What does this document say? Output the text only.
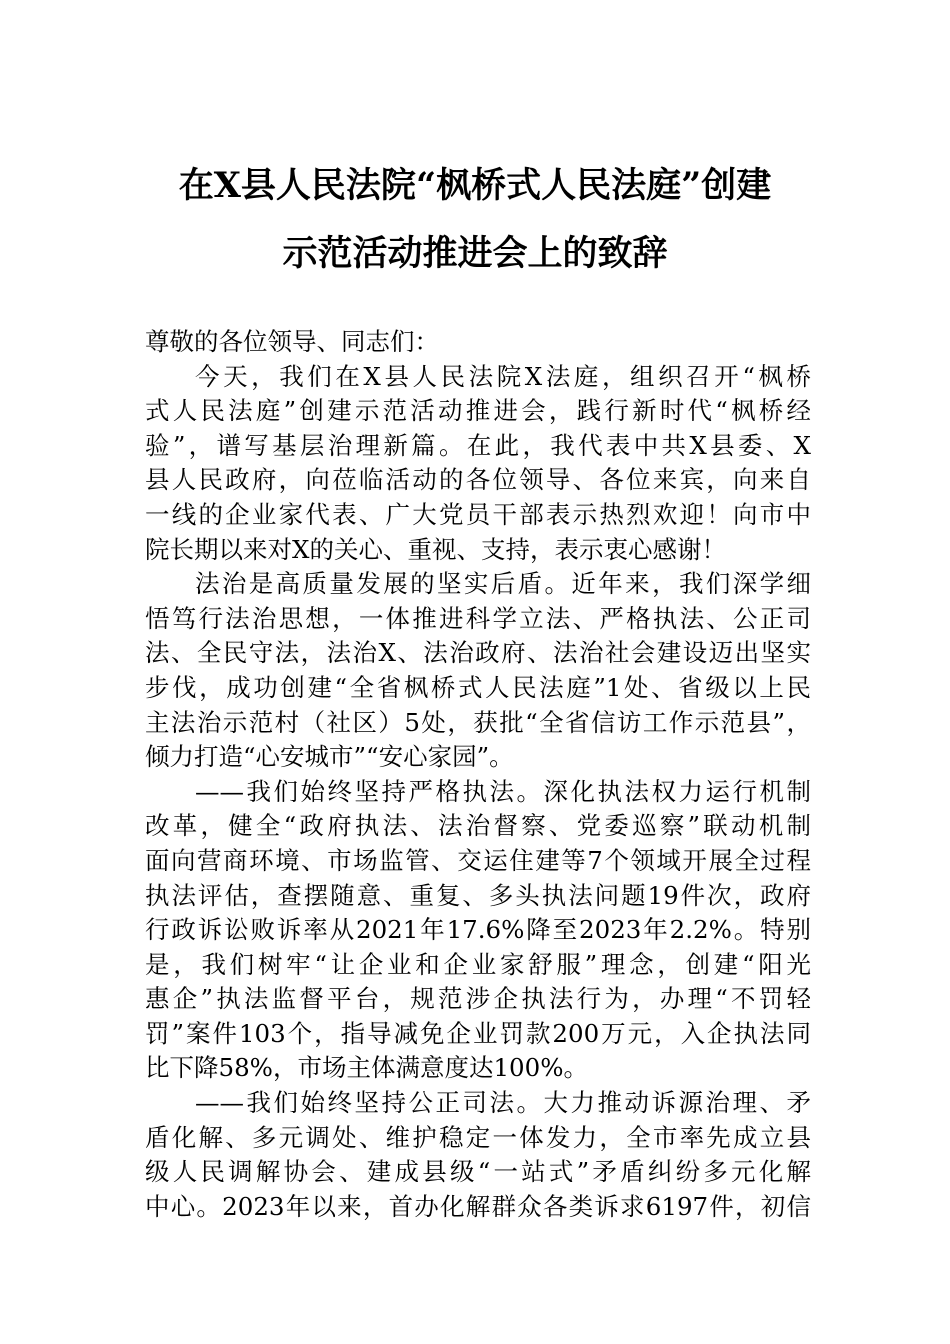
在X县人民法院“枫桥式人民法庭”创建
示范活动推进会上的致辞
尊敬的各位领导、同志们：
今天，我们在X县人民法院X法庭，组织召开“枫桥
式人民法庭”创建示范活动推进会，践行新时代“枫桥经
验”，谱写基层治理新篇。在此，我代表中共X县委、X
县人民政府，向莅临活动的各位领导、各位来宾，向来自
一线的企业家代表、广大党员干部表示热烈欢迎！向市中
院长期以来对X的关心、重视、支持，表示衷心感谢！
法治是高质量发展的坚实后盾。近年来，我们深学细
悟笃行法治思想，一体推进科学立法、严格执法、公正司
法、全民守法，法治X、法治政府、法治社会建设迈出坚实
步伐，成功创建“全省枫桥式人民法庭”1处、省级以上民
主法治示范村（社区）5处，获批“全省信访工作示范县”，
倾力打造“心安城市”“安心家园”。
——我们始终坚持严格执法。深化执法权力运行机制
改革，健全“政府执法、法治督察、党委巡察”联动机制
面向营商环境、市场监管、交运住建等7个领域开展全过程
执法评估，查摆随意、重复、多头执法问题19件次，政府
行政诉讼败诉率从2021年17.6%降至2023年2.2%。特别
是，我们树牢“让企业和企业家舒服”理念，创建“阳光
惠企”执法监督平台，规范涉企执法行为，办理“不罚轻
罚”案件103个，指导减免企业罚款200万元，入企执法同
比下降58%，市场主体满意度达100%。
——我们始终坚持公正司法。大力推动诉源治理、矛
盾化解、多元调处、维护稳定一体发力，全市率先成立县
级人民调解协会、建成县级“一站式”矛盾纠纷多元化解
中心。2023年以来，首办化解群众各类诉求6197件，初信
